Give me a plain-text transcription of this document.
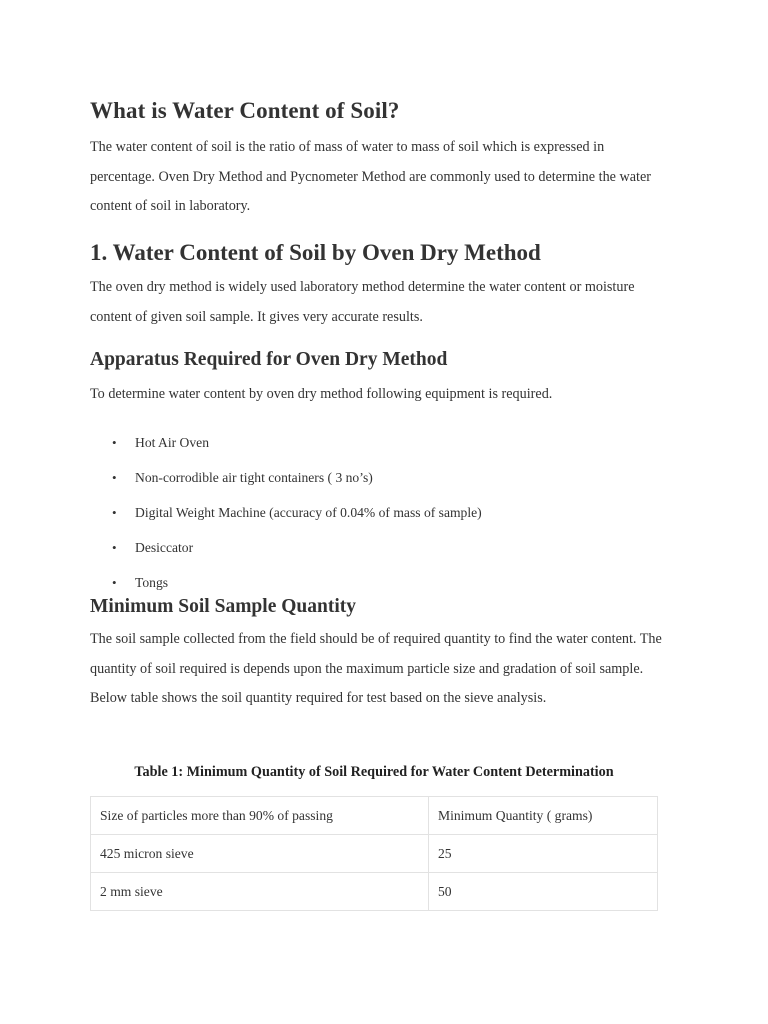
What is Water Content of Soil?

The water content of soil is the ratio of mass of water to mass of soil which is expressed in percentage. Oven Dry Method and Pycnometer Method are commonly used to determine the water content of soil in laboratory.

1. Water Content of Soil by Oven Dry Method

The oven dry method is widely used laboratory method determine the water content or moisture content of given soil sample. It gives very accurate results.

Apparatus Required for Oven Dry Method

To determine water content by oven dry method following equipment is required.

• Hot Air Oven
• Non-corrodible air tight containers ( 3 no’s)
• Digital Weight Machine (accuracy of 0.04% of mass of sample)
• Desiccator
• Tongs
Minimum Soil Sample Quantity

The soil sample collected from the field should be of required quantity to find the water content. The quantity of soil required is depends upon the maximum particle size and gradation of soil sample. Below table shows the soil quantity required for test based on the sieve analysis.

Table 1: Minimum Quantity of Soil Required for Water Content Determination
Size of particles more than 90% of passing	Minimum Quantity ( grams)
425 micron sieve	25
2 mm sieve	50
